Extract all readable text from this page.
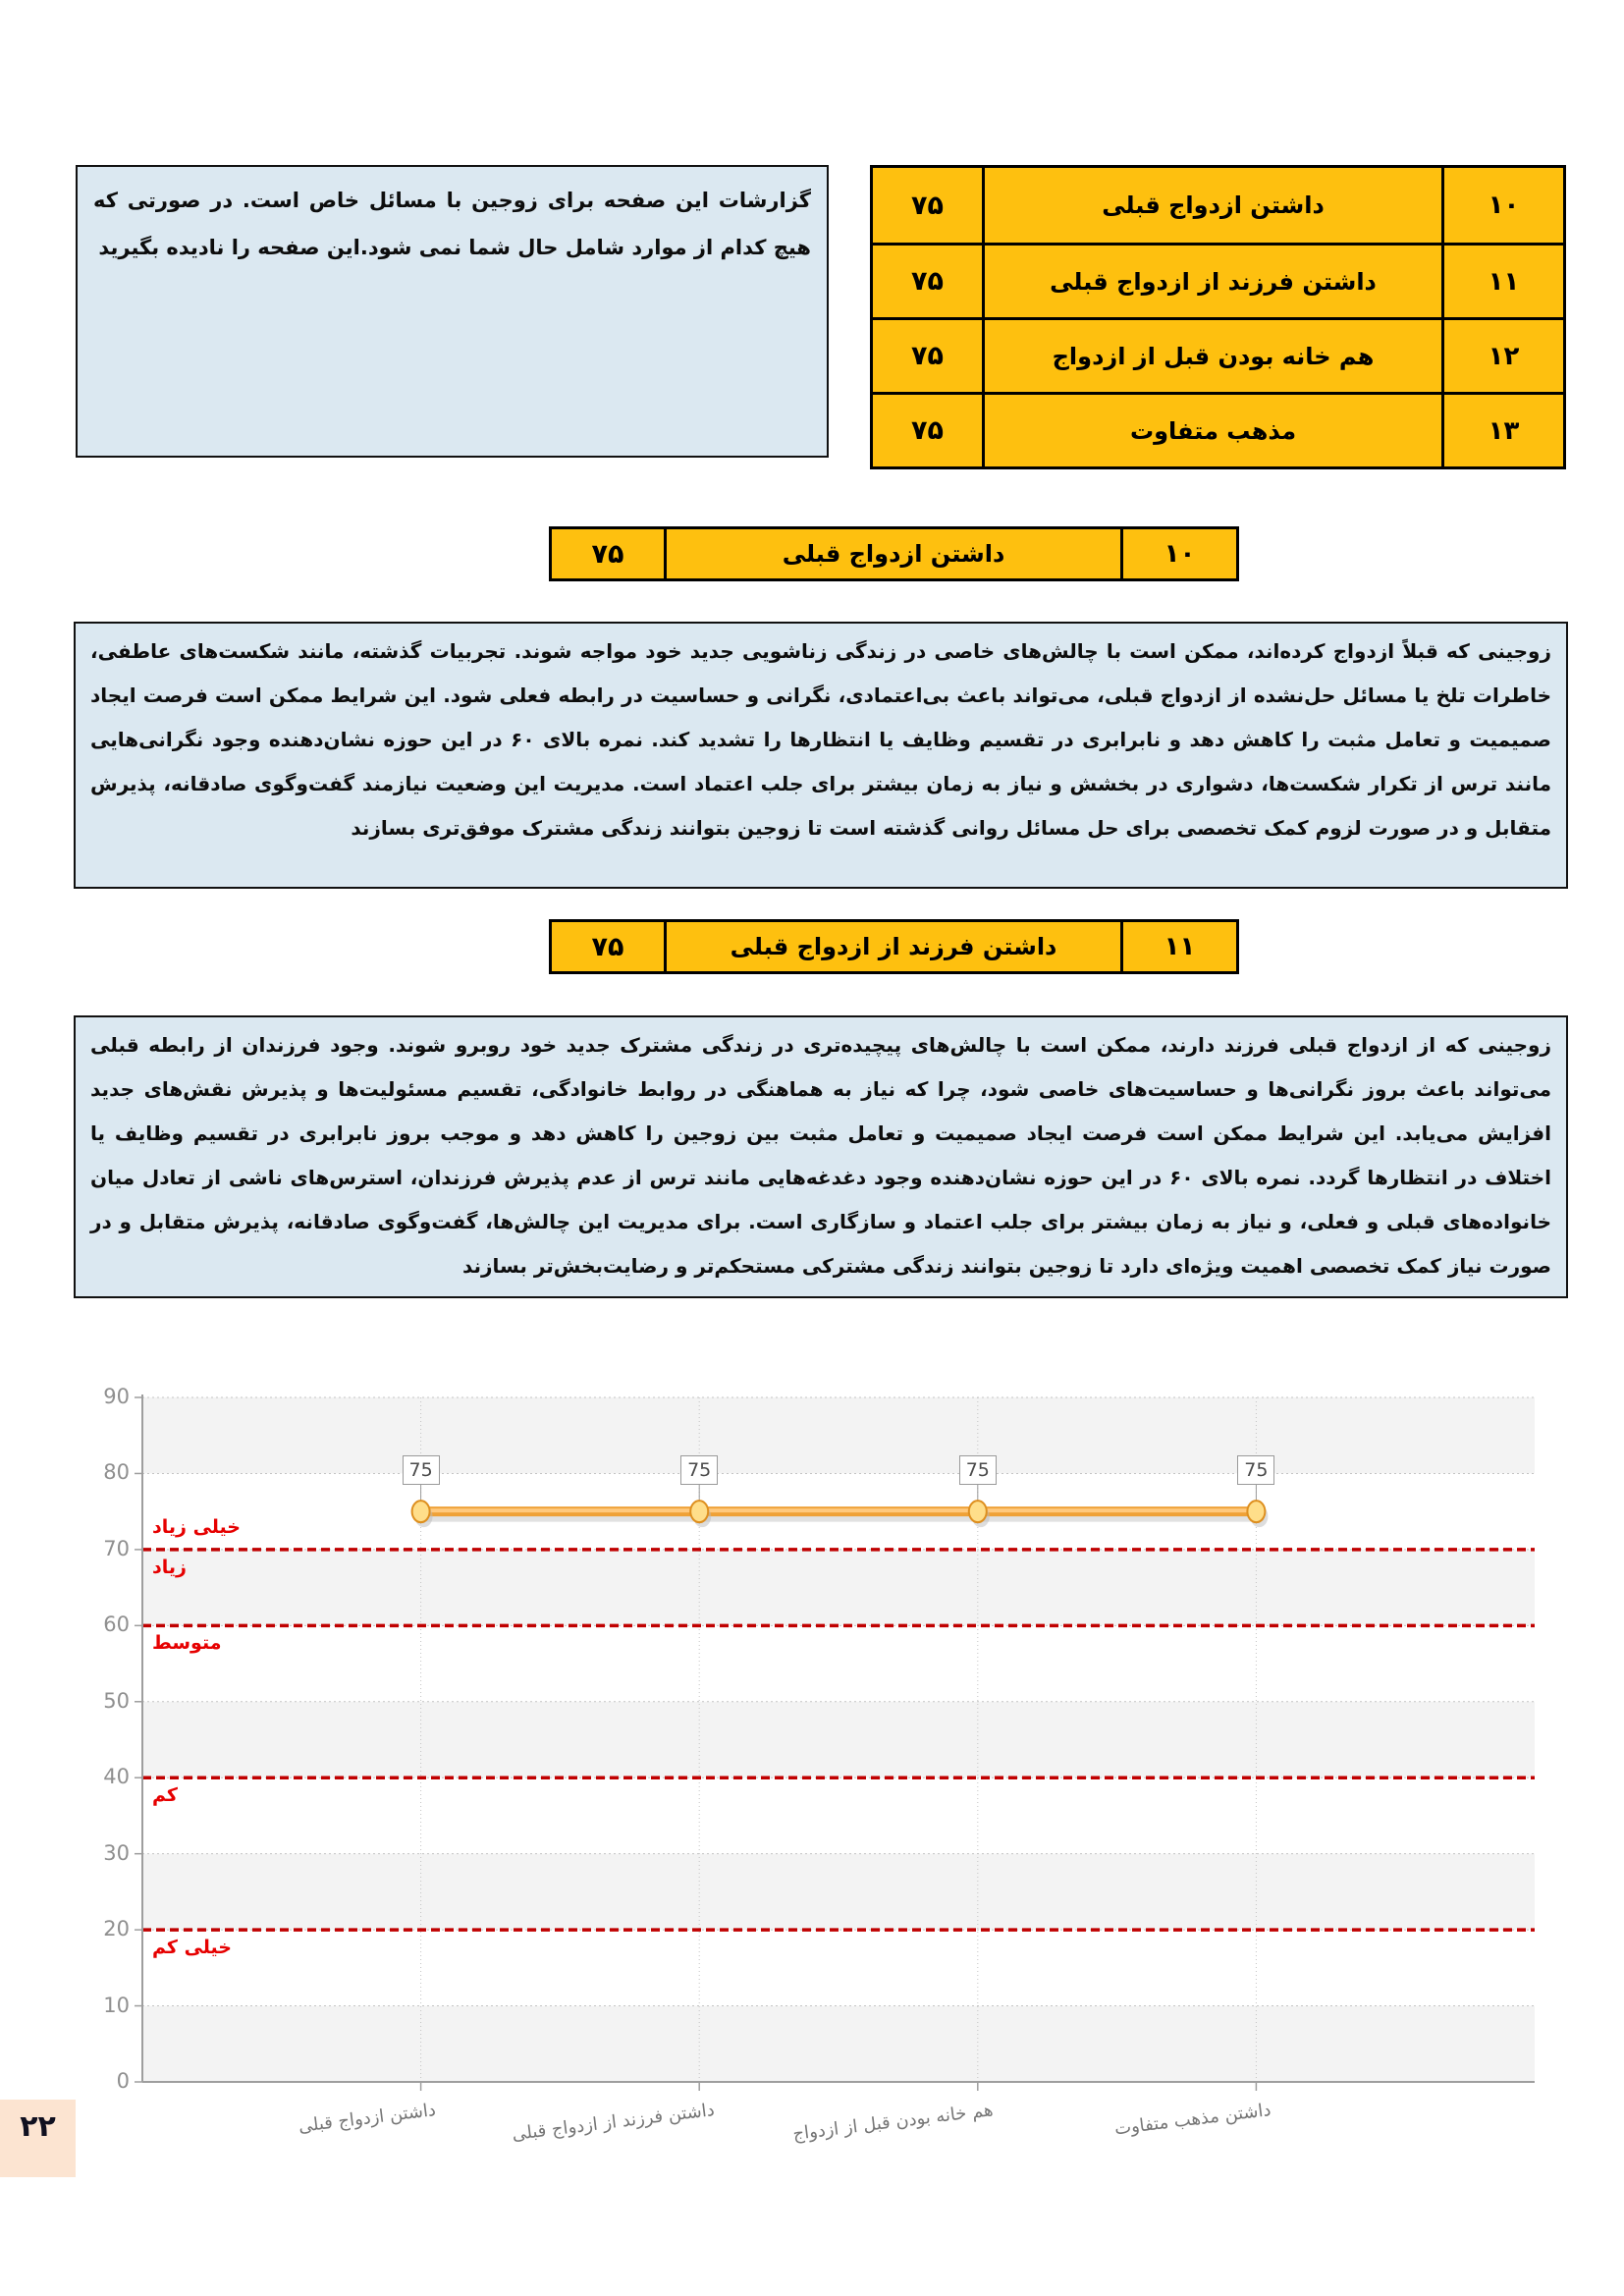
گزارشات این صفحه برای زوجین با مسائل خاص است. در صورتی که هیچ کدام از موارد شامل حال شما نمی شود.این صفحه را نادیده بگیرید
۷۵	داشتن ازدواج قبلی	۱۰
۷۵	داشتن فرزند از ازدواج قبلی	۱۱
۷۵	هم خانه بودن قبل از ازدواج	۱۲
۷۵	مذهب متفاوت	۱۳
۷۵	داشتن ازدواج قبلی	۱۰
زوجینی که قبلاً ازدواج کرده‌اند، ممکن است با چالش‌های خاصی در زندگی زناشویی جدید خود مواجه شوند. تجربیات گذشته، مانند شکست‌های عاطفی، خاطرات تلخ یا مسائل حل‌نشده از ازدواج قبلی، می‌تواند باعث بی‌اعتمادی، نگرانی و حساسیت در رابطه فعلی شود. این شرایط ممکن است فرصت ایجاد صمیمیت و تعامل مثبت را کاهش دهد و نابرابری در تقسیم وظایف یا انتظارها را تشدید کند. نمره بالای ۶۰ در این حوزه نشان‌دهنده وجود نگرانی‌هایی مانند ترس از تکرار شکست‌ها، دشواری در بخشش و نیاز به زمان بیشتر برای جلب اعتماد است. مدیریت این وضعیت نیازمند گفت‌وگوی صادقانه، پذیرش متقابل و در صورت لزوم کمک تخصصی برای حل مسائل روانی گذشته است تا زوجین بتوانند زندگی مشترک موفق‌تری بسازند
۷۵	داشتن فرزند از ازدواج قبلی	۱۱
زوجینی که از ازدواج قبلی فرزند دارند، ممکن است با چالش‌های پیچیده‌تری در زندگی مشترک جدید خود روبرو شوند. وجود فرزندان از رابطه قبلی می‌تواند باعث بروز نگرانی‌ها و حساسیت‌های خاصی شود، چرا که نیاز به هماهنگی در روابط خانوادگی، تقسیم مسئولیت‌ها و پذیرش نقش‌های جدید افزایش می‌یابد. این شرایط ممکن است فرصت ایجاد صمیمیت و تعامل مثبت بین زوجین را کاهش دهد و موجب بروز نابرابری در تقسیم وظایف یا اختلاف در انتظارها گردد. نمره بالای ۶۰ در این حوزه نشان‌دهنده وجود دغدغه‌هایی مانند ترس از عدم پذیرش فرزندان، استرس‌های ناشی از تعادل میان خانواده‌های قبلی و فعلی، و نیاز به زمان بیشتر برای جلب اعتماد و سازگاری است. برای مدیریت این چالش‌ها، گفت‌وگوی صادقانه، پذیرش متقابل و در صورت نیاز کمک تخصصی اهمیت ویژه‌ای دارد تا زوجین بتوانند زندگی مشترکی مستحکم‌تر و رضایت‌بخش‌تر بسازند
0
10
20
30
40
50
60
70
80
90
خیلی زیاد
زیاد
متوسط
کم
خیلی کم
75	75	75	75
داشتن ازدواج قبلی	داشتن فرزند از ازدواج قبلی	هم خانه بودن قبل از ازدواج	داشتن مذهب متفاوت
۲۲
